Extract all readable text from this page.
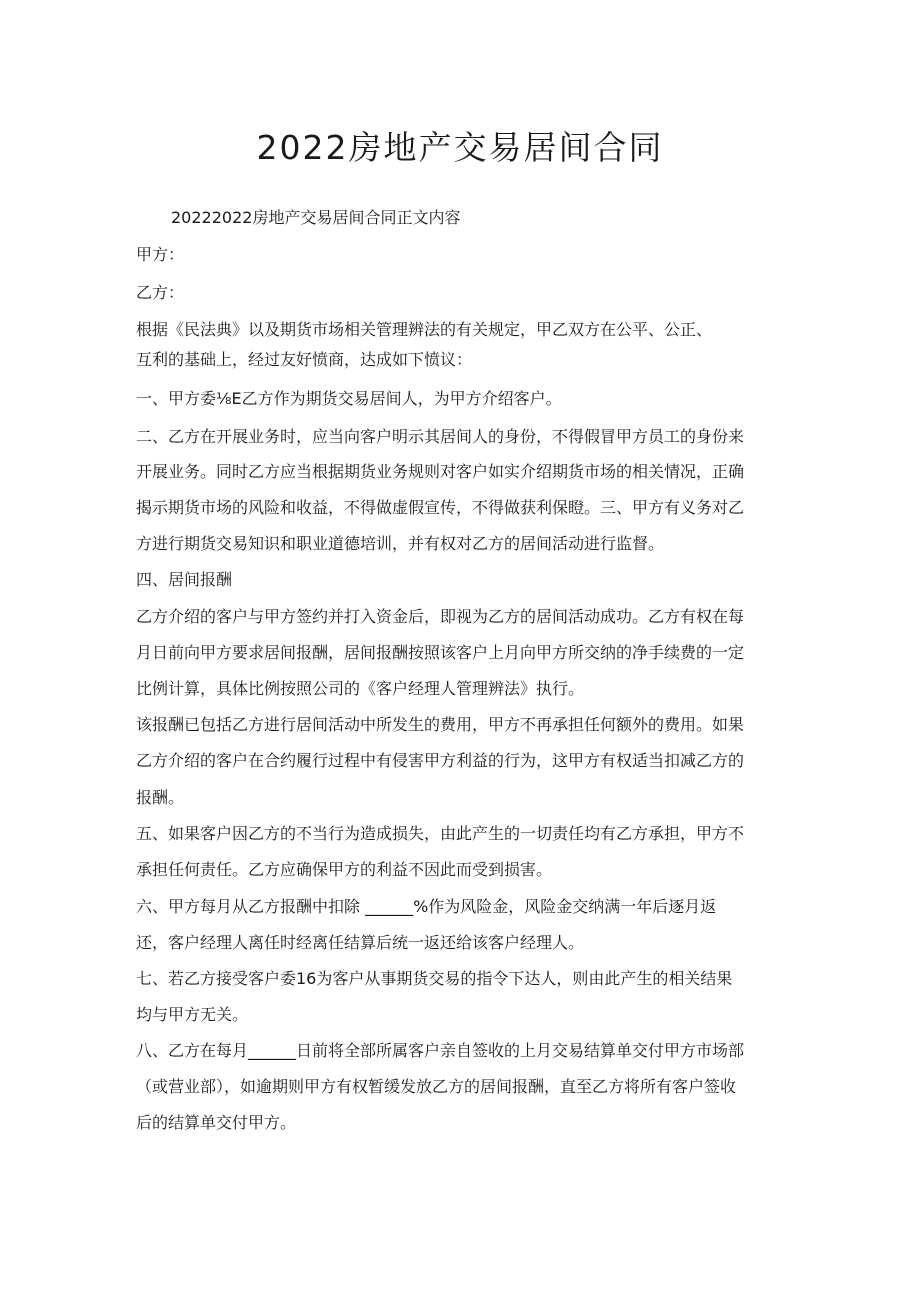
2022房地产交易居间合同
20222022房地产交易居间合同正文内容
甲方：
乙方：
根据《民法典》以及期货市场相关管理辨法的有关规定，甲乙双方在公平、公正、
互利的基础上，经过友好愤商，达成如下愤议：
一、甲方委⅛E乙方作为期货交易居间人，为甲方介绍客户。
二、乙方在开展业务时，应当向客户明示其居间人的身份，不得假冒甲方员工的身份来
开展业务。同时乙方应当根据期货业务规则对客户如实介绍期货市场的相关情况，正确
揭示期货市场的风险和收益，不得做虚假宣传，不得做获利保瞪。三、甲方有义务对乙
方进行期货交易知识和职业道德培训，并有权对乙方的居间活动进行监督。
四、居间报酬
乙方介绍的客户与甲方签约并打入资金后，即视为乙方的居间活动成功。乙方有权在每
月日前向甲方要求居间报酬，居间报酬按照该客户上月向甲方所交纳的净手续费的一定
比例计算，具体比例按照公司的《客户经理人管理辨法》执行。
该报酬已包括乙方进行居间活动中所发生的费用，甲方不再承担任何额外的费用。如果
乙方介绍的客户在合约履行过程中有侵害甲方利益的行为，这甲方有权适当扣减乙方的
报酬。
五、如果客户因乙方的不当行为造成损失，由此产生的一切责任均有乙方承担，甲方不
承担任何责任。乙方应确保甲方的利益不因此而受到损害。
六、甲方每月从乙方报酬中扣除 ______%作为风险金，风险金交纳满一年后逐月返
还，客户经理人离任时经离任结算后统一返还给该客户经理人。
七、若乙方接受客户委16为客户从事期货交易的指令下达人，则由此产生的相关结果
均与甲方无关。
八、乙方在每月______日前将全部所属客户亲自签收的上月交易结算单交付甲方市场部
（或营业部），如逾期则甲方有权暂缓发放乙方的居间报酬，直至乙方将所有客户签收
后的结算单交付甲方。
